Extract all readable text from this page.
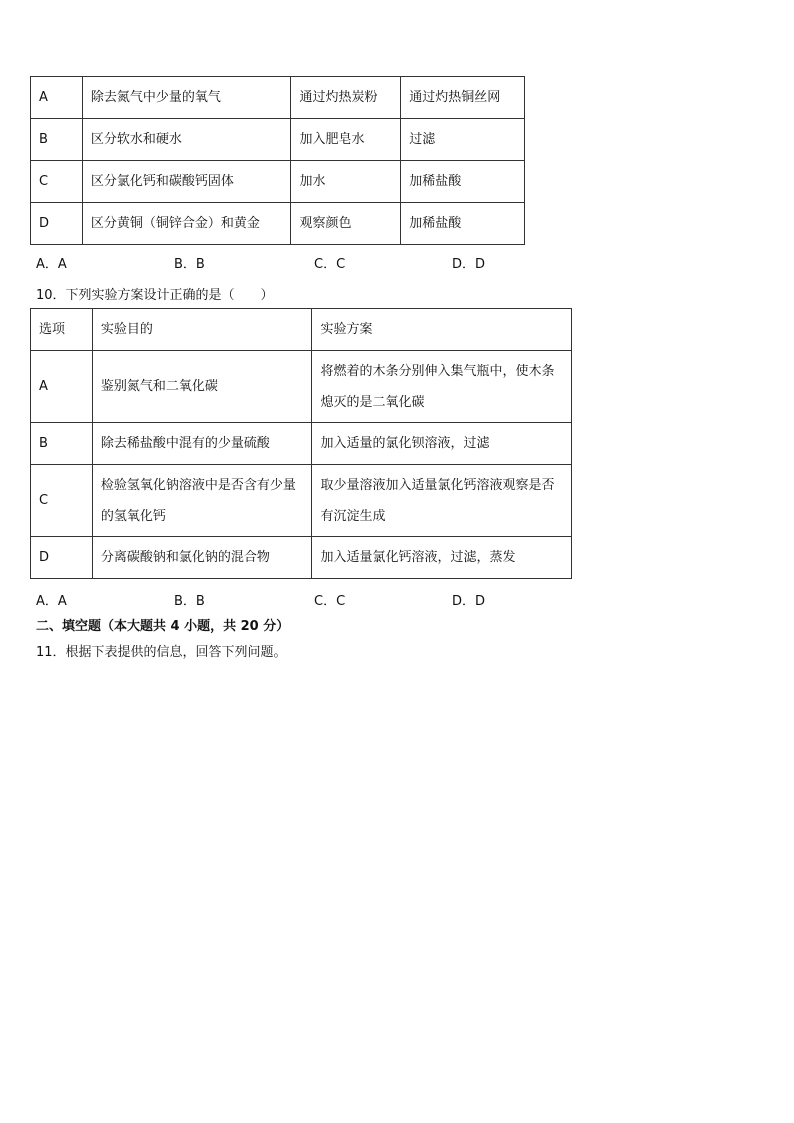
A	除去氮气中少量的氧气	通过灼热炭粉	通过灼热铜丝网
B	区分软水和硬水	加入肥皂水	过滤
C	区分氯化钙和碳酸钙固体	加水	加稀盐酸
D	区分黄铜（铜锌合金）和黄金	观察颜色	加稀盐酸
A．A	B．B	C．C	D．D
10．下列实验方案设计正确的是（　　）
选项	实验目的	实验方案
A	鉴别氮气和二氧化碳	将燃着的木条分别伸入集气瓶中，使木条熄灭的是二氧化碳
B	除去稀盐酸中混有的少量硫酸	加入适量的氯化钡溶液，过滤
C	检验氢氧化钠溶液中是否含有少量的氢氧化钙	取少量溶液加入适量氯化钙溶液观察是否有沉淀生成
D	分离碳酸钠和氯化钠的混合物	加入适量氯化钙溶液，过滤，蒸发
A．A	B．B	C．C	D．D
二、填空题（本大题共 4 小题，共 20 分）
11．根据下表提供的信息，回答下列问题。
